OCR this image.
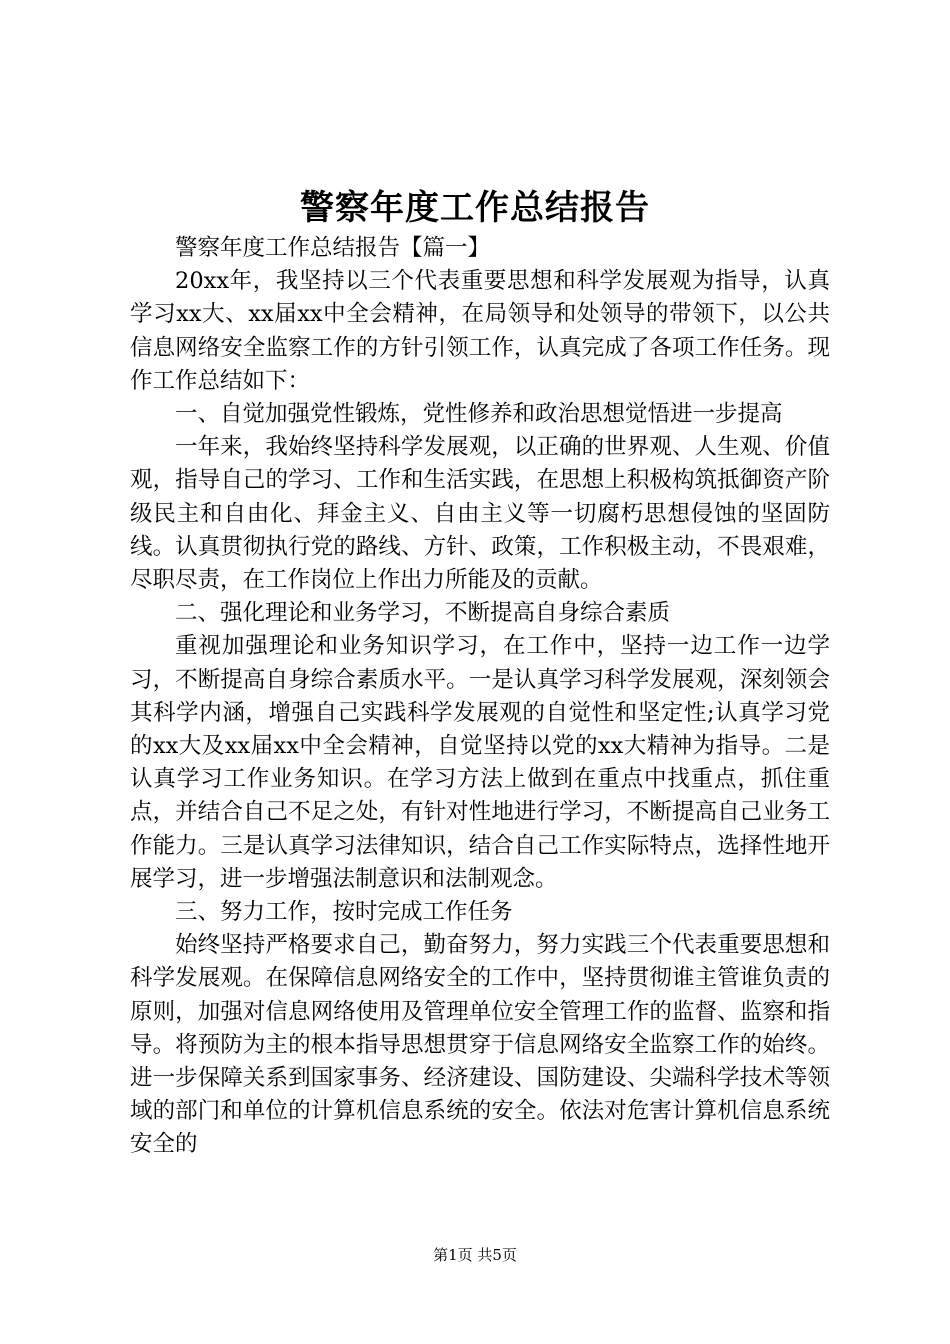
警察年度工作总结报告

警察年度工作总结报告【篇一】

20xx年，我坚持以三个代表重要思想和科学发展观为指导，认真学习xx大、xx届xx中全会精神，在局领导和处领导的带领下，以公共信息网络安全监察工作的方针引领工作，认真完成了各项工作任务。现作工作总结如下：

一、自觉加强党性锻炼，党性修养和政治思想觉悟进一步提高

一年来，我始终坚持科学发展观，以正确的世界观、人生观、价值观，指导自己的学习、工作和生活实践，在思想上积极构筑抵御资产阶级民主和自由化、拜金主义、自由主义等一切腐朽思想侵蚀的坚固防线。认真贯彻执行党的路线、方针、政策，工作积极主动，不畏艰难，尽职尽责，在工作岗位上作出力所能及的贡献。

二、强化理论和业务学习，不断提高自身综合素质

重视加强理论和业务知识学习，在工作中，坚持一边工作一边学习，不断提高自身综合素质水平。一是认真学习科学发展观，深刻领会其科学内涵，增强自己实践科学发展观的自觉性和坚定性;认真学习党的xx大及xx届xx中全会精神，自觉坚持以党的xx大精神为指导。二是认真学习工作业务知识。在学习方法上做到在重点中找重点，抓住重点，并结合自己不足之处，有针对性地进行学习，不断提高自己业务工作能力。三是认真学习法律知识，结合自己工作实际特点，选择性地开展学习，进一步增强法制意识和法制观念。

三、努力工作，按时完成工作任务

始终坚持严格要求自己，勤奋努力，努力实践三个代表重要思想和科学发展观。在保障信息网络安全的工作中，坚持贯彻谁主管谁负责的原则，加强对信息网络使用及管理单位安全管理工作的监督、监察和指导。将预防为主的根本指导思想贯穿于信息网络安全监察工作的始终。进一步保障关系到国家事务、经济建设、国防建设、尖端科学技术等领域的部门和单位的计算机信息系统的安全。依法对危害计算机信息系统安全的

第1页 共5页
